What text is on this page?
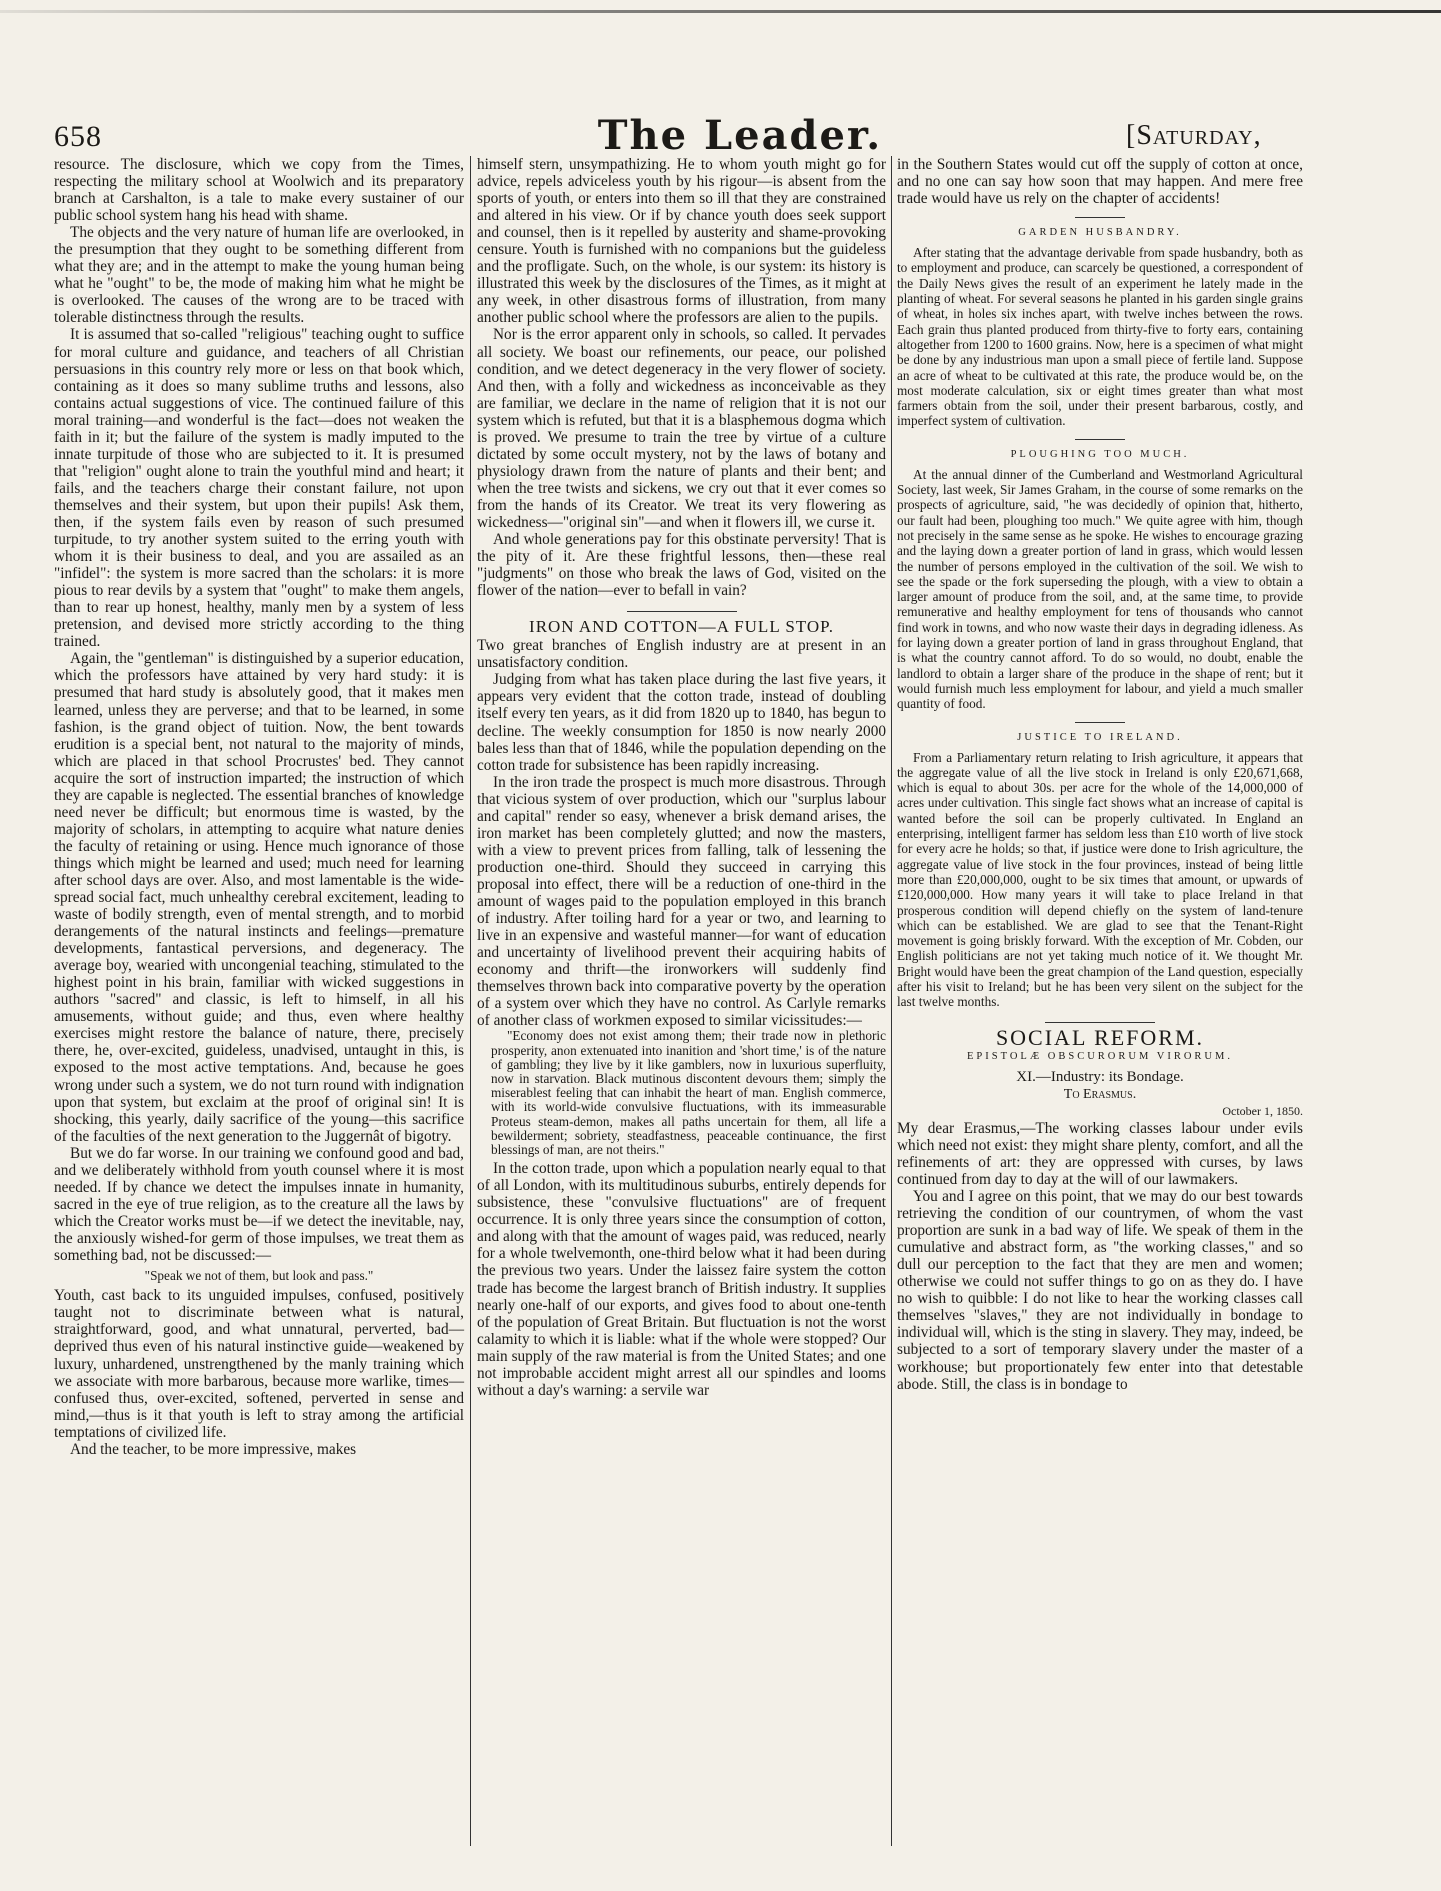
658	The Leader.	[Saturday,

resource. The disclosure, which we copy from the Times, respecting the military school at Woolwich and its preparatory branch at Carshalton, is a tale to make every sustainer of our public school system hang his head with shame.

The objects and the very nature of human life are overlooked, in the presumption that they ought to be something different from what they are; and in the attempt to make the young human being what he "ought" to be, the mode of making him what he might be is overlooked. The causes of the wrong are to be traced with tolerable distinctness through the results.

It is assumed that so-called "religious" teaching ought to suffice for moral culture and guidance, and teachers of all Christian persuasions in this country rely more or less on that book which, containing as it does so many sublime truths and lessons, also contains actual suggestions of vice. The continued failure of this moral training—and wonderful is the fact—does not weaken the faith in it; but the failure of the system is madly imputed to the innate turpitude of those who are subjected to it. It is presumed that "religion" ought alone to train the youthful mind and heart; it fails, and the teachers charge their constant failure, not upon themselves and their system, but upon their pupils! Ask them, then, if the system fails even by reason of such presumed turpitude, to try another system suited to the erring youth with whom it is their business to deal, and you are assailed as an "infidel": the system is more sacred than the scholars: it is more pious to rear devils by a system that "ought" to make them angels, than to rear up honest, healthy, manly men by a system of less pretension, and devised more strictly according to the thing trained.

Again, the "gentleman" is distinguished by a superior education, which the professors have attained by very hard study: it is presumed that hard study is absolutely good, that it makes men learned, unless they are perverse; and that to be learned, in some fashion, is the grand object of tuition. Now, the bent towards erudition is a special bent, not natural to the majority of minds, which are placed in that school Procrustes' bed. They cannot acquire the sort of instruction imparted; the instruction of which they are capable is neglected. The essential branches of knowledge need never be difficult; but enormous time is wasted, by the majority of scholars, in attempting to acquire what nature denies the faculty of retaining or using. Hence much ignorance of those things which might be learned and used; much need for learning after school days are over. Also, and most lamentable is the wide-spread social fact, much unhealthy cerebral excitement, leading to waste of bodily strength, even of mental strength, and to morbid derangements of the natural instincts and feelings—premature developments, fantastical perversions, and degeneracy. The average boy, wearied with uncongenial teaching, stimulated to the highest point in his brain, familiar with wicked suggestions in authors "sacred" and classic, is left to himself, in all his amusements, without guide; and thus, even where healthy exercises might restore the balance of nature, there, precisely there, he, over-excited, guideless, unadvised, untaught in this, is exposed to the most active temptations. And, because he goes wrong under such a system, we do not turn round with indignation upon that system, but exclaim at the proof of original sin! It is shocking, this yearly, daily sacrifice of the young—this sacrifice of the faculties of the next generation to the Juggernât of bigotry.

But we do far worse. In our training we confound good and bad, and we deliberately withhold from youth counsel where it is most needed. If by chance we detect the impulses innate in humanity, sacred in the eye of true religion, as to the creature all the laws by which the Creator works must be—if we detect the inevitable, nay, the anxiously wished-for germ of those impulses, we treat them as something bad, not be discussed:—

"Speak we not of them, but look and pass."

Youth, cast back to its unguided impulses, confused, positively taught not to discriminate between what is natural, straightforward, good, and what unnatural, perverted, bad—deprived thus even of his natural instinctive guide—weakened by luxury, unhardened, unstrengthened by the manly training which we associate with more barbarous, because more warlike, times—confused thus, over-excited, softened, perverted in sense and mind,—thus is it that youth is left to stray among the artificial temptations of civilized life.

And the teacher, to be more impressive, makes

himself stern, unsympathizing. He to whom youth might go for advice, repels adviceless youth by his rigour—is absent from the sports of youth, or enters into them so ill that they are constrained and altered in his view. Or if by chance youth does seek support and counsel, then is it repelled by austerity and shame-provoking censure. Youth is furnished with no companions but the guideless and the profligate. Such, on the whole, is our system: its history is illustrated this week by the disclosures of the Times, as it might at any week, in other disastrous forms of illustration, from many another public school where the professors are alien to the pupils.

Nor is the error apparent only in schools, so called. It pervades all society. We boast our refinements, our peace, our polished condition, and we detect degeneracy in the very flower of society. And then, with a folly and wickedness as inconceivable as they are familiar, we declare in the name of religion that it is not our system which is refuted, but that it is a blasphemous dogma which is proved. We presume to train the tree by virtue of a culture dictated by some occult mystery, not by the laws of botany and physiology drawn from the nature of plants and their bent; and when the tree twists and sickens, we cry out that it ever comes so from the hands of its Creator. We treat its very flowering as wickedness—"original sin"—and when it flowers ill, we curse it.

And whole generations pay for this obstinate perversity! That is the pity of it. Are these frightful lessons, then—these real "judgments" on those who break the laws of God, visited on the flower of the nation—ever to befall in vain?

IRON AND COTTON—A FULL STOP.

Two great branches of English industry are at present in an unsatisfactory condition.

Judging from what has taken place during the last five years, it appears very evident that the cotton trade, instead of doubling itself every ten years, as it did from 1820 up to 1840, has begun to decline. The weekly consumption for 1850 is now nearly 2000 bales less than that of 1846, while the population depending on the cotton trade for subsistence has been rapidly increasing.

In the iron trade the prospect is much more disastrous. Through that vicious system of over production, which our "surplus labour and capital" render so easy, whenever a brisk demand arises, the iron market has been completely glutted; and now the masters, with a view to prevent prices from falling, talk of lessening the production one-third. Should they succeed in carrying this proposal into effect, there will be a reduction of one-third in the amount of wages paid to the population employed in this branch of industry. After toiling hard for a year or two, and learning to live in an expensive and wasteful manner—for want of education and uncertainty of livelihood prevent their acquiring habits of economy and thrift—the ironworkers will suddenly find themselves thrown back into comparative poverty by the operation of a system over which they have no control. As Carlyle remarks of another class of workmen exposed to similar vicissitudes:—

"Economy does not exist among them; their trade now in plethoric prosperity, anon extenuated into inanition and 'short time,' is of the nature of gambling; they live by it like gamblers, now in luxurious superfluity, now in starvation. Black mutinous discontent devours them; simply the miserablest feeling that can inhabit the heart of man. English commerce, with its world-wide convulsive fluctuations, with its immeasurable Proteus steam-demon, makes all paths uncertain for them, all life a bewilderment; sobriety, steadfastness, peaceable continuance, the first blessings of man, are not theirs."

In the cotton trade, upon which a population nearly equal to that of all London, with its multitudinous suburbs, entirely depends for subsistence, these "convulsive fluctuations" are of frequent occurrence. It is only three years since the consumption of cotton, and along with that the amount of wages paid, was reduced, nearly for a whole twelvemonth, one-third below what it had been during the previous two years. Under the laissez faire system the cotton trade has become the largest branch of British industry. It supplies nearly one-half of our exports, and gives food to about one-tenth of the population of Great Britain. But fluctuation is not the worst calamity to which it is liable: what if the whole were stopped? Our main supply of the raw material is from the United States; and one not improbable accident might arrest all our spindles and looms without a day's warning: a servile war

in the Southern States would cut off the supply of cotton at once, and no one can say how soon that may happen. And mere free trade would have us rely on the chapter of accidents!

GARDEN HUSBANDRY.

After stating that the advantage derivable from spade husbandry, both as to employment and produce, can scarcely be questioned, a correspondent of the Daily News gives the result of an experiment he lately made in the planting of wheat. For several seasons he planted in his garden single grains of wheat, in holes six inches apart, with twelve inches between the rows. Each grain thus planted produced from thirty-five to forty ears, containing altogether from 1200 to 1600 grains. Now, here is a specimen of what might be done by any industrious man upon a small piece of fertile land. Suppose an acre of wheat to be cultivated at this rate, the produce would be, on the most moderate calculation, six or eight times greater than what most farmers obtain from the soil, under their present barbarous, costly, and imperfect system of cultivation.

PLOUGHING TOO MUCH.

At the annual dinner of the Cumberland and Westmorland Agricultural Society, last week, Sir James Graham, in the course of some remarks on the prospects of agriculture, said, "he was decidedly of opinion that, hitherto, our fault had been, ploughing too much." We quite agree with him, though not precisely in the same sense as he spoke. He wishes to encourage grazing and the laying down a greater portion of land in grass, which would lessen the number of persons employed in the cultivation of the soil. We wish to see the spade or the fork superseding the plough, with a view to obtain a larger amount of produce from the soil, and, at the same time, to provide remunerative and healthy employment for tens of thousands who cannot find work in towns, and who now waste their days in degrading idleness. As for laying down a greater portion of land in grass throughout England, that is what the country cannot afford. To do so would, no doubt, enable the landlord to obtain a larger share of the produce in the shape of rent; but it would furnish much less employment for labour, and yield a much smaller quantity of food.

JUSTICE TO IRELAND.

From a Parliamentary return relating to Irish agriculture, it appears that the aggregate value of all the live stock in Ireland is only £20,671,668, which is equal to about 30s. per acre for the whole of the 14,000,000 of acres under cultivation. This single fact shows what an increase of capital is wanted before the soil can be properly cultivated. In England an enterprising, intelligent farmer has seldom less than £10 worth of live stock for every acre he holds; so that, if justice were done to Irish agriculture, the aggregate value of live stock in the four provinces, instead of being little more than £20,000,000, ought to be six times that amount, or upwards of £120,000,000. How many years it will take to place Ireland in that prosperous condition will depend chiefly on the system of land-tenure which can be established. We are glad to see that the Tenant-Right movement is going briskly forward. With the exception of Mr. Cobden, our English politicians are not yet taking much notice of it. We thought Mr. Bright would have been the great champion of the Land question, especially after his visit to Ireland; but he has been very silent on the subject for the last twelve months.

SOCIAL REFORM.
EPISTOLÆ OBSCURORUM VIRORUM.
XI.—Industry: its Bondage.
To Erasmus.
October 1, 1850.

My dear Erasmus,—The working classes labour under evils which need not exist: they might share plenty, comfort, and all the refinements of art: they are oppressed with curses, by laws continued from day to day at the will of our lawmakers.

You and I agree on this point, that we may do our best towards retrieving the condition of our countrymen, of whom the vast proportion are sunk in a bad way of life. We speak of them in the cumulative and abstract form, as "the working classes," and so dull our perception to the fact that they are men and women; otherwise we could not suffer things to go on as they do. I have no wish to quibble: I do not like to hear the working classes call themselves "slaves," they are not individually in bondage to individual will, which is the sting in slavery. They may, indeed, be subjected to a sort of temporary slavery under the master of a workhouse; but proportionately few enter into that detestable abode. Still, the class is in bondage to
